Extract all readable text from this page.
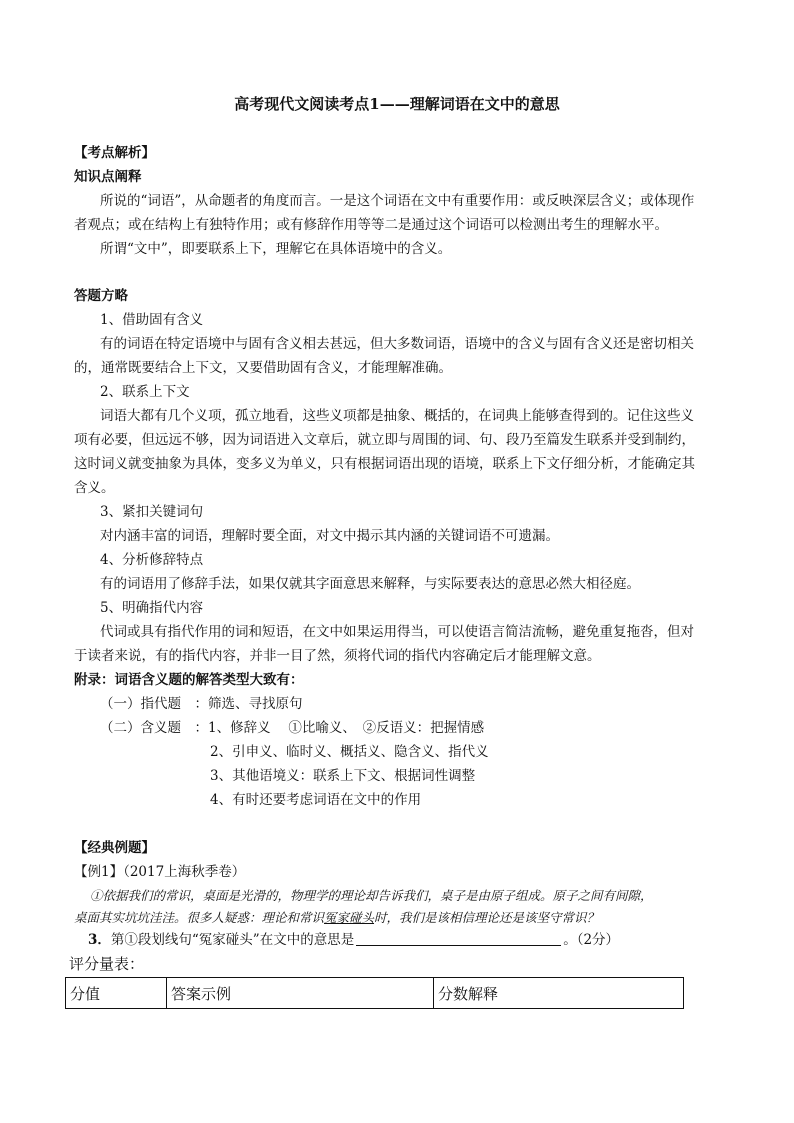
高考现代文阅读考点1——理解词语在文中的意思
【考点解析】
知识点阐释
所说的“词语”，从命题者的角度而言。一是这个词语在文中有重要作用：或反映深层含义；或体现作
者观点；或在结构上有独特作用；或有修辞作用等等二是通过这个词语可以检测出考生的理解水平。
所谓“文中”，即要联系上下，理解它在具体语境中的含义。
答题方略
1、借助固有含义
有的词语在特定语境中与固有含义相去甚远，但大多数词语，语境中的含义与固有含义还是密切相关
的，通常既要结合上下文，又要借助固有含义，才能理解准确。
2、联系上下文
词语大都有几个义项，孤立地看，这些义项都是抽象、概括的，在词典上能够查得到的。记住这些义
项有必要，但远远不够，因为词语进入文章后，就立即与周围的词、句、段乃至篇发生联系并受到制约，
这时词义就变抽象为具体，变多义为单义，只有根据词语出现的语境，联系上下文仔细分析，才能确定其
含义。
3、紧扣关键词句
对内涵丰富的词语，理解时要全面，对文中揭示其内涵的关键词语不可遗漏。
4、分析修辞特点
有的词语用了修辞手法，如果仅就其字面意思来解释，与实际要表达的意思必然大相径庭。
5、明确指代内容
代词或具有指代作用的词和短语，在文中如果运用得当，可以使语言简洁流畅，避免重复拖沓，但对
于读者来说，有的指代内容，并非一目了然，须将代词的指代内容确定后才能理解文意。
附录：词语含义题的解答类型大致有：
（一）指代题　：筛选、寻找原句
（二）含义题　：1、修辞义　 ①比喻义、　②反语义：把握情感
2、引申义、临时义、概括义、隐含义、指代义
3、其他语境义：联系上下文、根据词性调整
4、有时还要考虑词语在文中的作用
【经典例题】
【例1】（2017上海秋季卷）
①依据我们的常识，桌面是光滑的，物理学的理论却告诉我们，桌子是由原子组成。原子之间有间隙，
桌面其实坑坑洼洼。很多人疑惑：理论和常识冤家碰头时，我们是该相信理论还是该坚守常识？
3．第①段划线句“冤家碰头”在文中的意思是	。（2分）
评分量表：
分值	答案示例	分数解释
